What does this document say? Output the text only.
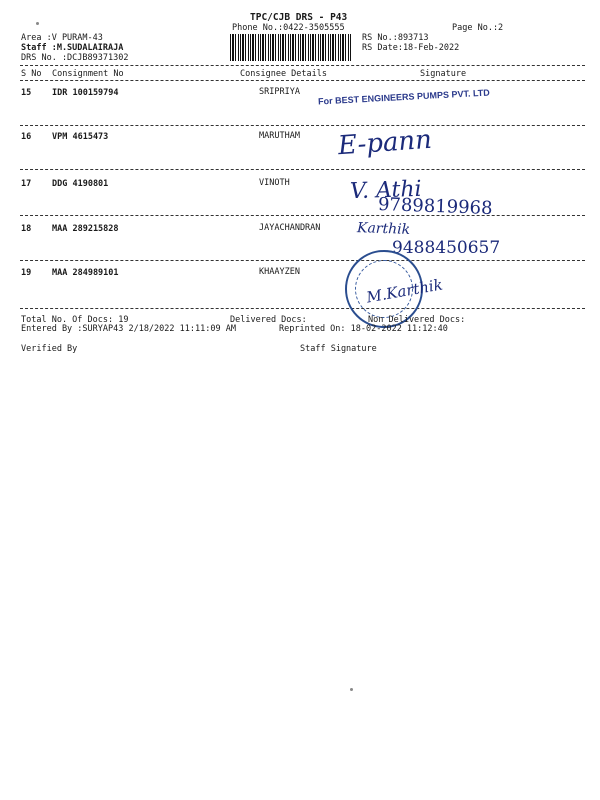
TPC/CJB DRS - P43
Phone No.:0422-3505555	Page No.:2
Area :V PURAM-43
Staff :M.SUDALAIRAJA
DRS No. :DCJB89371302
RS No.:893713
RS Date:18-Feb-2022
S No Consignment No	Consignee Details	Signature
15 IDR 100159794	SRIPRIYA
16 VPM 4615473	MARUTHAM
17 DDG 4190801	VINOTH
18 MAA 289215828	JAYACHANDRAN
19 MAA 284989101	KHAAYZEN
For BEST ENGINEERS PUMPS PVT. LTD
E-pann
V. Athi
9789819968
Karthik
9488450657
M.Karthik
Total No. Of Docs: 19	Delivered Docs:	Non Delivered Docs:
Entered By :SURYAP43 2/18/2022 11:11:09 AM	Reprinted On: 18-02-2022 11:12:40
Verified By	Staff Signature
